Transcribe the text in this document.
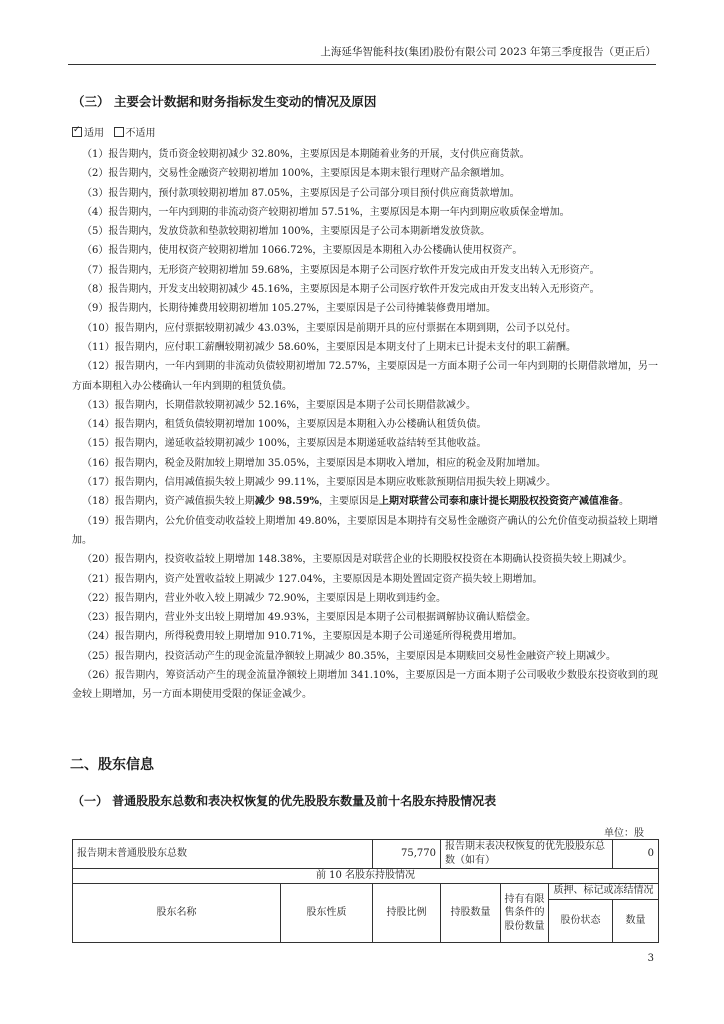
上海延华智能科技(集团)股份有限公司 2023 年第三季度报告（更正后）
（三） 主要会计数据和财务指标发生变动的情况及原因
✓适用 不适用

（1）报告期内，货币资金较期初减少 32.80%，主要原因是本期随着业务的开展，支付供应商货款。

（2）报告期内，交易性金融资产较期初增加 100%，主要原因是本期末银行理财产品余额增加。

（3）报告期内，预付款项较期初增加 87.05%，主要原因是子公司部分项目预付供应商货款增加。

（4）报告期内，一年内到期的非流动资产较期初增加 57.51%，主要原因是本期一年内到期应收质保金增加。

（5）报告期内，发放贷款和垫款较期初增加 100%，主要原因是子公司本期新增发放贷款。

（6）报告期内，使用权资产较期初增加 1066.72%，主要原因是本期租入办公楼确认使用权资产。

（7）报告期内，无形资产较期初增加 59.68%，主要原因是本期子公司医疗软件开发完成由开发支出转入无形资产。

（8）报告期内，开发支出较期初减少 45.16%，主要原因是本期子公司医疗软件开发完成由开发支出转入无形资产。

（9）报告期内，长期待摊费用较期初增加 105.27%，主要原因是子公司待摊装修费用增加。

（10）报告期内，应付票据较期初减少 43.03%，主要原因是前期开具的应付票据在本期到期，公司予以兑付。

（11）报告期内，应付职工薪酬较期初减少 58.60%，主要原因是本期支付了上期末已计提未支付的职工薪酬。

（12）报告期内，一年内到期的非流动负债较期初增加 72.57%，主要原因是一方面本期子公司一年内到期的长期借款增加，另一方面本期租入办公楼确认一年内到期的租赁负债。

（13）报告期内，长期借款较期初减少 52.16%，主要原因是本期子公司长期借款减少。

（14）报告期内，租赁负债较期初增加 100%，主要原因是本期租入办公楼确认租赁负债。

（15）报告期内，递延收益较期初减少 100%，主要原因是本期递延收益结转至其他收益。

（16）报告期内，税金及附加较上期增加 35.05%，主要原因是本期收入增加，相应的税金及附加增加。

（17）报告期内，信用减值损失较上期减少 99.11%，主要原因是本期应收账款预期信用损失较上期减少。

（18）报告期内，资产减值损失较上期减少 98.59%，主要原因是上期对联营公司泰和康计提长期股权投资资产减值准备。

（19）报告期内，公允价值变动收益较上期增加 49.80%，主要原因是本期持有交易性金融资产确认的公允价值变动损益较上期增加。

（20）报告期内，投资收益较上期增加 148.38%，主要原因是对联营企业的长期股权投资在本期确认投资损失较上期减少。

（21）报告期内，资产处置收益较上期减少 127.04%，主要原因是本期处置固定资产损失较上期增加。

（22）报告期内，营业外收入较上期减少 72.90%，主要原因是上期收到违约金。

（23）报告期内，营业外支出较上期增加 49.93%，主要原因是本期子公司根据调解协议确认赔偿金。

（24）报告期内，所得税费用较上期增加 910.71%，主要原因是本期子公司递延所得税费用增加。

（25）报告期内，投资活动产生的现金流量净额较上期减少 80.35%，主要原因是本期赎回交易性金融资产较上期减少。

（26）报告期内，筹资活动产生的现金流量净额较上期增加 341.10%，主要原因是一方面本期子公司吸收少数股东投资收到的现金较上期增加，另一方面本期使用受限的保证金减少。

二、股东信息
（一） 普通股股东总数和表决权恢复的优先股股东数量及前十名股东持股情况表
单位：股
报告期末普通股股东总数		75,770	报告期末表决权恢复的优先股股东总数（如有）			0
前 10 名股东持股情况						
股东名称	股东性质	持股比例	持股数量	持有有限售条件的股份数量	质押、标记或冻结情况	
					股份状态	数量
3
